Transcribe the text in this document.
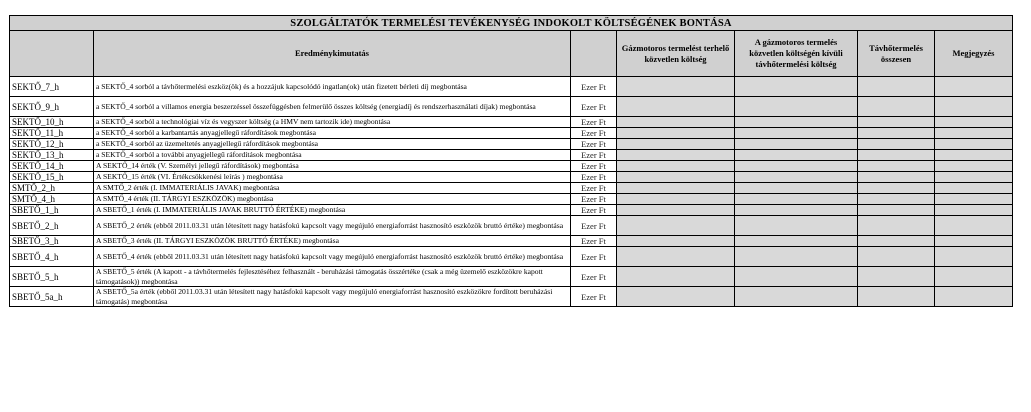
SZOLGÁLTATÓK TERMELÉSI TEVÉKENYSÉG INDOKOLT KÖLTSÉGÉNEK BONTÁSA						
	Eredménykimutatás		Gázmotoros termelést terhelő közvetlen költség	A gázmotoros termelés közvetlen költségén kívüli távhőtermelési költség	Távhőtermelés összesen	Megjegyzés
SEKTŐ_7_h	a SEKTŐ_4 sorból a távhőtermelési eszköz(ök) és a hozzájuk kapcsolódó ingatlan(ok) után fizetett bérleti díj megbontása	Ezer Ft				
SEKTŐ_9_h	a SEKTŐ_4 sorból a villamos energia beszerzéssel összefüggésben felmerülő összes költség (energiadíj és rendszerhasználati díjak) megbontása	Ezer Ft				
SEKTŐ_10_h	a SEKTŐ_4 sorból a technológiai víz és vegyszer költség (a HMV nem tartozik ide) megbontása	Ezer Ft				
SEKTŐ_11_h	a SEKTŐ_4 sorból a karbantartás anyagjellegű ráfordítások megbontása	Ezer Ft				
SEKTŐ_12_h	a SEKTŐ_4 sorból az üzemeltetés anyagjellegű ráfordítások megbontása	Ezer Ft				
SEKTŐ_13_h	a SEKTŐ_4 sorból a további anyagjellegű ráfordítások megbontása	Ezer Ft				
SEKTŐ_14_h	A SEKTŐ_14 érték (V. Személyi jellegű ráfordítások) megbontása	Ezer Ft				
SEKTŐ_15_h	A SEKTŐ_15 érték (VI. Értékcsökkenési leírás ) megbontása	Ezer Ft				
SMTŐ_2_h	A SMTŐ_2 érték (I. IMMATERIÁLIS JAVAK) megbontása	Ezer Ft				
SMTŐ_4_h	A SMTŐ_4 érték (II. TÁRGYI ESZKÖZÖK) megbontása	Ezer Ft				
SBETŐ_1_h	A SBETŐ_1 érték (I. IMMATERIÁLIS JAVAK BRUTTÓ ÉRTÉKE) megbontása	Ezer Ft				
SBETŐ_2_h	A SBETŐ_2 érték (ebből 2011.03.31 után létesített nagy hatásfokú kapcsolt vagy megújuló energiaforrást hasznosító eszközök bruttó értéke) megbontása	Ezer Ft				
SBETŐ_3_h	A SBETŐ_3 érték (II. TÁRGYI ESZKÖZÖK BRUTTÓ ÉRTÉKE) megbontása	Ezer Ft				
SBETŐ_4_h	A SBETŐ_4 érték (ebből 2011.03.31 után létesített nagy hatásfokú kapcsolt vagy megújuló energiaforrást hasznosító eszközök bruttó értéke) megbontása	Ezer Ft				
SBETŐ_5_h	A SBETŐ_5 érték (A kapott - a távhőtermelés fejlesztéséhez felhasznált - beruházási támogatás összértéke (csak a még üzemelő eszközökre kapott támogatások)) megbontása	Ezer Ft				
SBETŐ_5a_h	A SBETŐ_5a érték (ebből 2011.03.31 után létesített nagy hatásfokú kapcsolt vagy megújuló energiaforrást hasznosító eszközökre fordított beruházási támogatás) megbontása	Ezer Ft				
